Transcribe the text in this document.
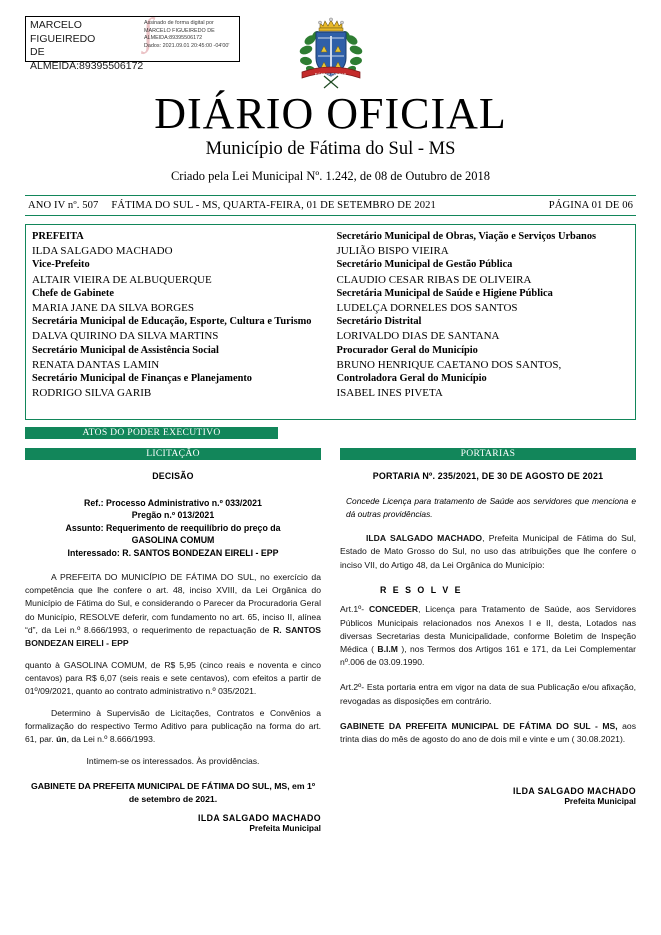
MARCELO FIGUEIREDO
DE
ALMEIDA:89395506172
∫
Assinado de forma digital por
MARCELO FIGUEIREDO DE
ALMEIDA:89395506172
Dados: 2021.09.01 20:45:00 -04'00'
FÁTIMA DO SUL
DIÁRIO OFICIAL
Município de Fátima do Sul - MS
Criado pela Lei Municipal Nº. 1.242, de 08 de Outubro de 2018
ANO IV nº. 507	FÁTIMA DO SUL - MS, QUARTA-FEIRA, 01 DE SETEMBRO DE 2021	PÁGINA 01 DE 06
PREFEITA
ILDA SALGADO MACHADO
Vice-Prefeito
ALTAIR VIEIRA DE ALBUQUERQUE
Chefe de Gabinete
MARIA JANE DA SILVA BORGES
Secretária Municipal de Educação, Esporte, Cultura e Turismo
DALVA QUIRINO DA SILVA MARTINS
Secretário Municipal de Assistência Social
RENATA DANTAS LAMIN
Secretário Municipal de Finanças e Planejamento
RODRIGO SILVA GARIB
Secretário Municipal de Obras, Viação e Serviços Urbanos
JULIÃO BISPO VIEIRA
Secretário Municipal de Gestão Pública
CLAUDIO CESAR RIBAS DE OLIVEIRA
Secretária Municipal de Saúde e Higiene Pública
LUDELÇA DORNELES DOS SANTOS
Secretário Distrital
LORIVALDO DIAS DE SANTANA
Procurador Geral do Município
BRUNO HENRIQUE CAETANO DOS SANTOS,
Controladora Geral do Município
ISABEL INES PIVETA
ATOS DO PODER EXECUTIVO
LICITAÇÃO	PORTARIAS
DECISÃO
Ref.: Processo Administrativo n.º 033/2021
Pregão n.º 013/2021
Assunto: Requerimento de reequilíbrio do preço da
GASOLINA COMUM
Interessado: R. SANTOS BONDEZAN EIRELI - EPP

A PREFEITA DO MUNICÍPIO DE FÁTIMA DO SUL, no exercício da competência que lhe confere o art. 48, inciso XVIII, da Lei Orgânica do Município de Fátima do Sul, e considerando o Parecer da Procuradoria Geral do Município, RESOLVE deferir, com fundamento no art. 65, inciso II, alínea “d”, da Lei n.º 8.666/1993, o requerimento de repactuação de R. SANTOS BONDEZAN EIRELI - EPP

quanto à GASOLINA COMUM, de R$ 5,95 (cinco reais e noventa e cinco centavos) para R$ 6,07 (seis reais e sete centavos), com efeitos a partir de 01º/09/2021, quanto ao contrato administrativo n.º 035/2021.

Determino à Supervisão de Licitações, Contratos e Convênios a formalização do respectivo Termo Aditivo para publicação na forma do art. 61, par. ún, da Lei n.º 8.666/1993.

Intimem-se os interessados. Às providências.

GABINETE DA PREFEITA MUNICIPAL DE FÁTIMA DO SUL, MS, em 1º de setembro de 2021.
ILDA SALGADO MACHADO
Prefeita Municipal
PORTARIA Nº. 235/2021, DE 30 DE AGOSTO DE 2021
Concede Licença para tratamento de Saúde aos servidores que menciona e dá outras providências.

ILDA SALGADO MACHADO, Prefeita Municipal de Fátima do Sul, Estado de Mato Grosso do Sul, no uso das atribuições que lhe confere o inciso VII, do Artigo 48, da Lei Orgânica do Município:

R E S O L V E

Art.1º- CONCEDER, Licença para Tratamento de Saúde, aos Servidores Públicos Municipais relacionados nos Anexos I e II, desta, Lotados nas diversas Secretarias desta Municipalidade, conforme Boletim de Inspeção Médica ( B.I.M ), nos Termos dos Artigos 161 e 171, da Lei Complementar nº.006 de 03.09.1990.

Art.2º- Esta portaria entra em vigor na data de sua Publicação e/ou afixação, revogadas as disposições em contrário.

GABINETE DA PREFEITA MUNICIPAL DE FÁTIMA DO SUL - MS, aos trinta dias do mês de agosto do ano de dois mil e vinte e um ( 30.08.2021).

ILDA SALGADO MACHADO
Prefeita Municipal
